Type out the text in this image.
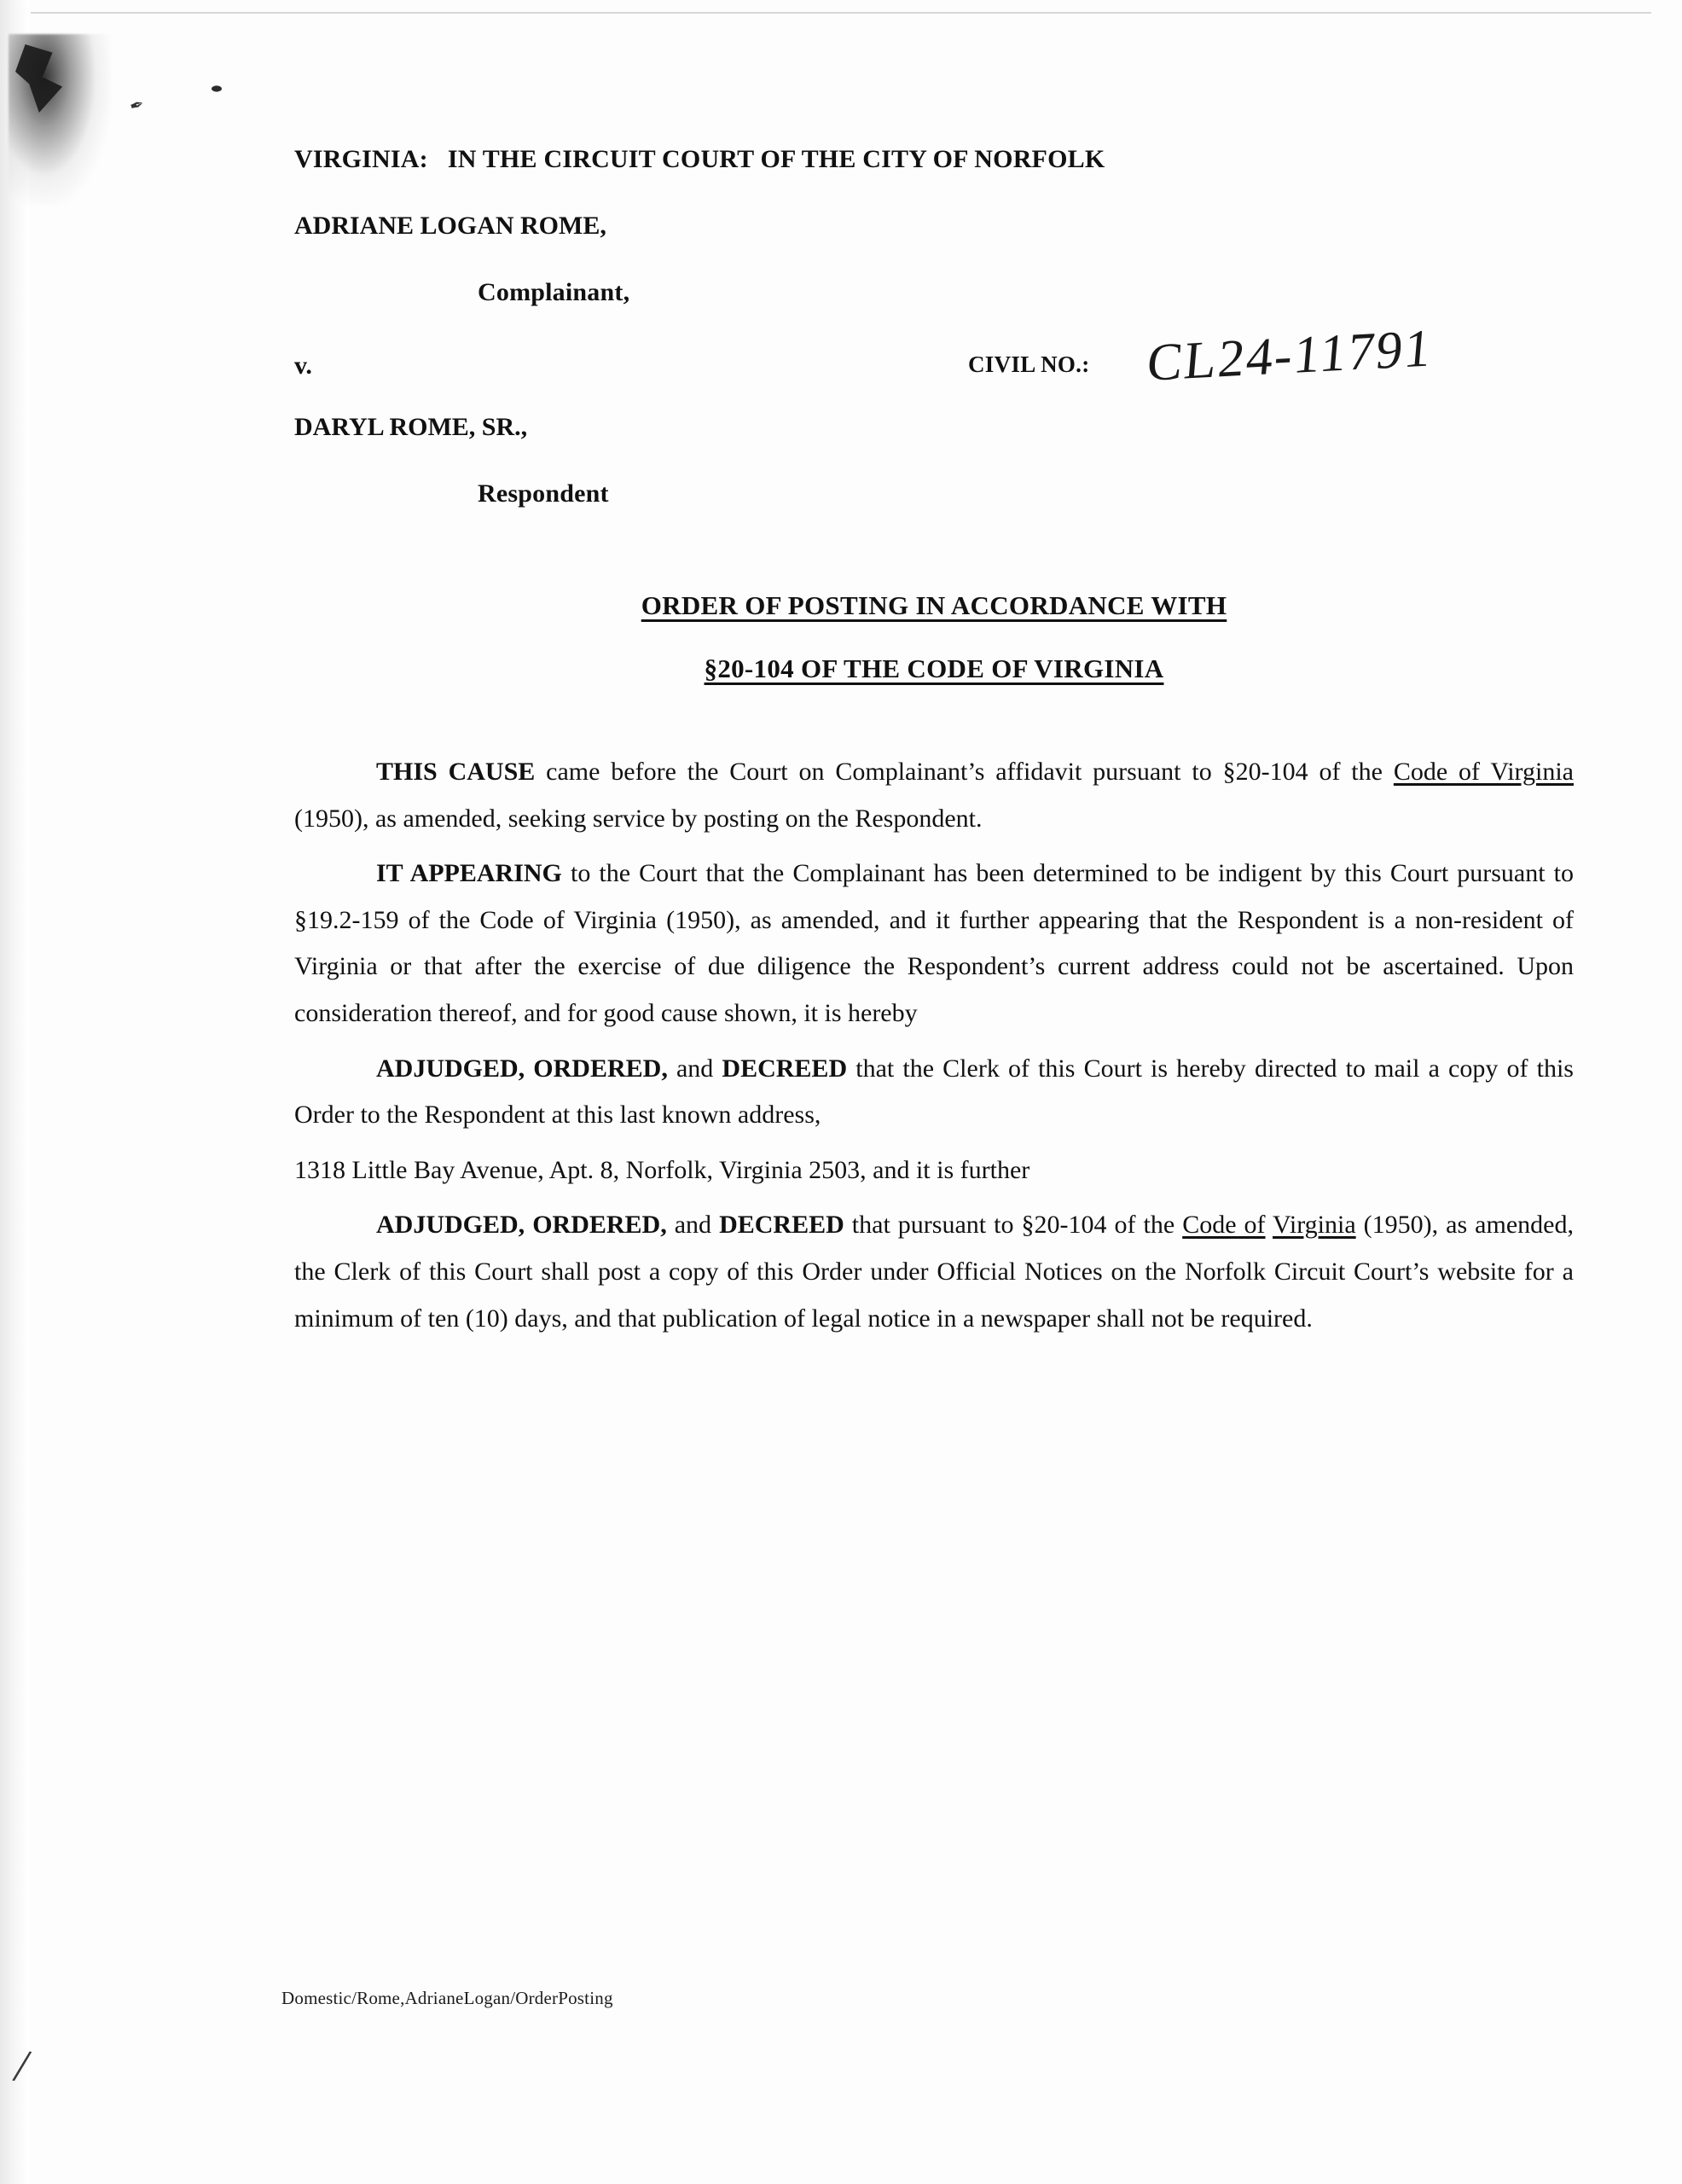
✒
/
VIRGINIA:   IN THE CIRCUIT COURT OF THE CITY OF NORFOLK
ADRIANE LOGAN ROME,
Complainant,
v.	CIVIL NO.: CL24-11791
DARYL ROME, SR.,
Respondent
ORDER OF POSTING IN ACCORDANCE WITH
§20-104 OF THE CODE OF VIRGINIA

THIS CAUSE came before the Court on Complainant’s affidavit pursuant to §20-104 of the Code of Virginia (1950), as amended, seeking service by posting on the Respondent.

IT APPEARING to the Court that the Complainant has been determined to be indigent by this Court pursuant to §19.2-159 of the Code of Virginia (1950), as amended, and it further appearing that the Respondent is a non-resident of Virginia or that after the exercise of due diligence the Respondent’s current address could not be ascertained. Upon consideration thereof, and for good cause shown, it is hereby

ADJUDGED, ORDERED, and DECREED that the Clerk of this Court is hereby directed to mail a copy of this Order to the Respondent at this last known address,

1318 Little Bay Avenue, Apt. 8, Norfolk, Virginia 2503, and it is further

ADJUDGED, ORDERED, and DECREED that pursuant to §20-104 of the Code of Virginia (1950), as amended, the Clerk of this Court shall post a copy of this Order under Official Notices on the Norfolk Circuit Court’s website for a minimum of ten (10) days, and that publication of legal notice in a newspaper shall not be required.

Domestic/Rome,AdrianeLogan/OrderPosting
